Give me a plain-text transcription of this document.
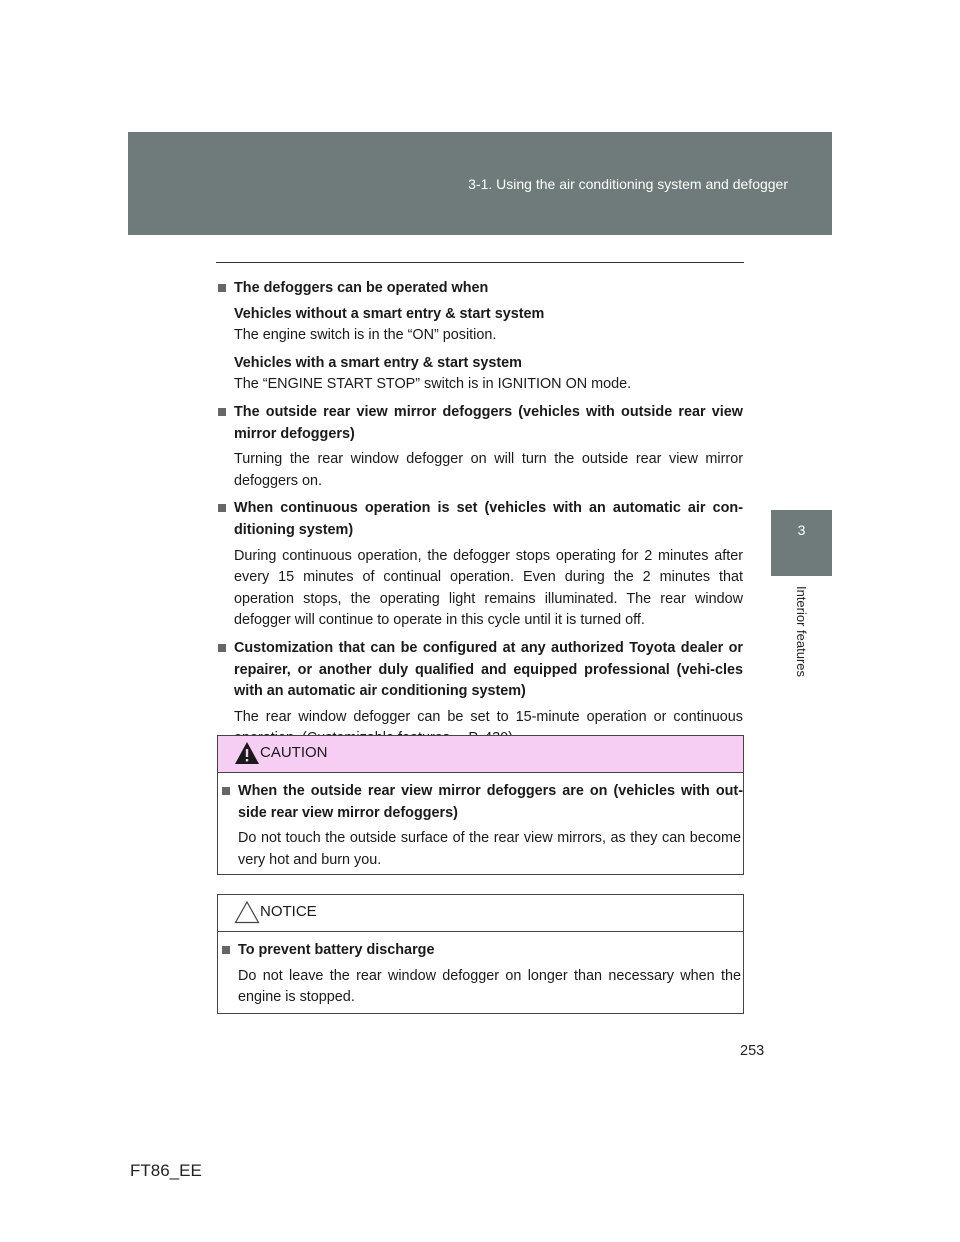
3-1. Using the air conditioning system and defogger
3
Interior features

The defoggers can be operated when

Vehicles without a smart entry & start system

The engine switch is in the “ON” position.

Vehicles with a smart entry & start system

The “ENGINE START STOP” switch is in IGNITION ON mode.

The outside rear view mirror defoggers (vehicles with outside rear view mirror defoggers)

Turning the rear window defogger on will turn the outside rear view mirror defoggers on.

When continuous operation is set (vehicles with an automatic air con-ditioning system)

During continuous operation, the defogger stops operating for 2 minutes after every 15 minutes of continual operation. Even during the 2 minutes that operation stops, the operating light remains illuminated. The rear window defogger will continue to operate in this cycle until it is turned off.

Customization that can be configured at any authorized Toyota dealer or repairer, or another duly qualified and equipped professional (vehi-cles with an automatic air conditioning system)

The rear window defogger can be set to 15-minute operation or continuous

CAUTION

When the outside rear view mirror defoggers are on (vehicles with out-side rear view mirror defoggers)

Do not touch the outside surface of the rear view mirrors, as they can become very hot and burn you.

NOTICE

To prevent battery discharge

Do not leave the rear window defogger on longer than necessary when the engine is stopped.

253
FT86_EE
